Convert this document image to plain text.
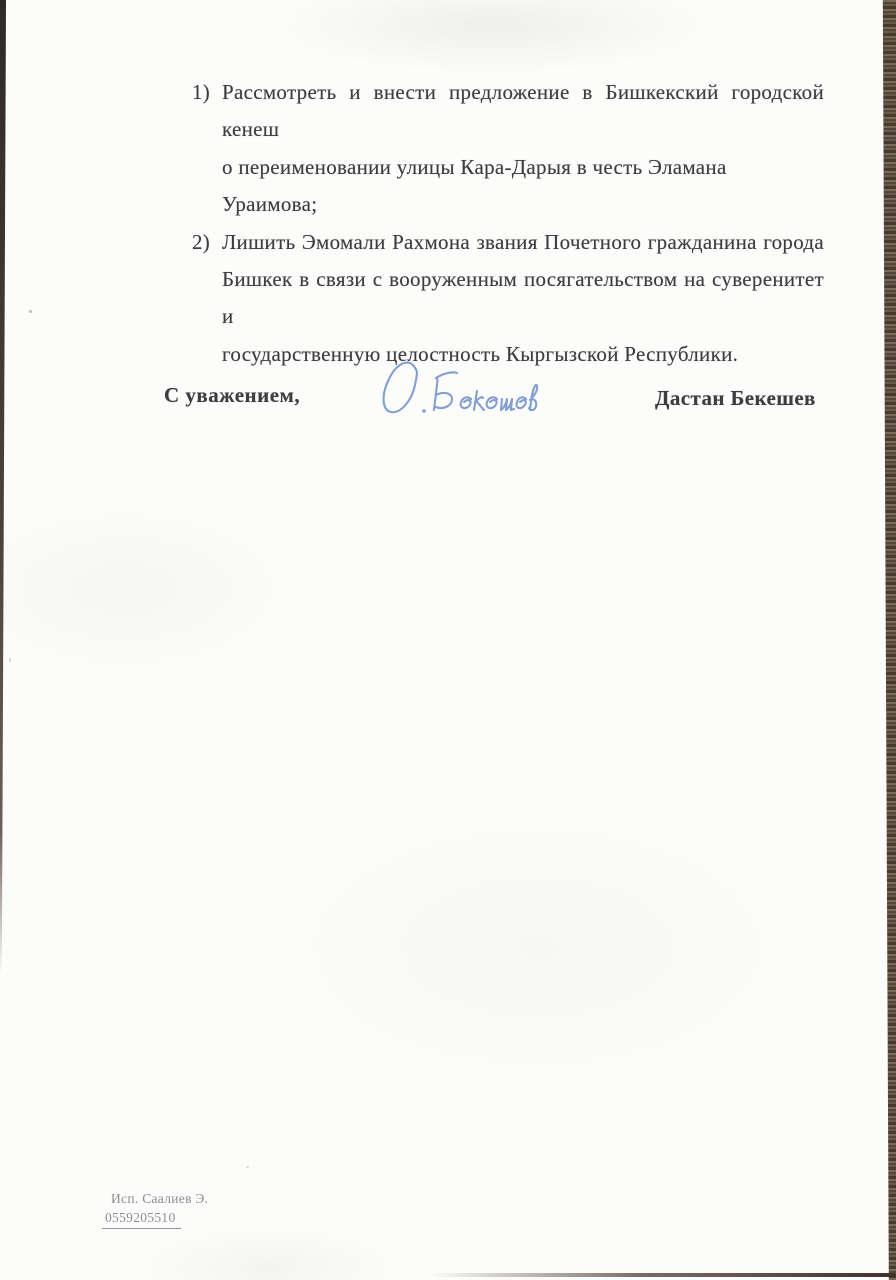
1) Рассмотреть и внести предложение в Бишкекский городской кенеш
о переименовании улицы Кара-Дарыя в честь Эламана Ураимова;
2) Лишить Эмомали Рахмона звания Почетного гражданина города
Бишкек в связи с вооруженным посягательством на суверенитет и
государственную целостность Кыргызской Республики.
С уважением,	Дастан Бекешев
Исп. Саалиев Э.
0559205510
